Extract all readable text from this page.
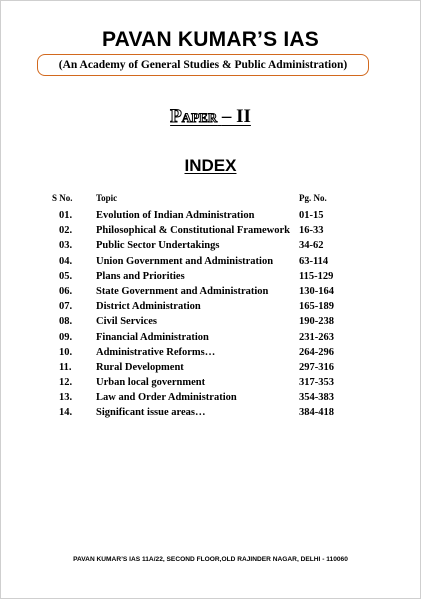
PAVAN KUMAR’S IAS
(An Academy of General Studies & Public Administration)
Paper – II
INDEX
S No.	Topic	Pg. No.
01. Evolution of Indian Administration	01-15
02. Philosophical & Constitutional Framework 16-33
03. Public Sector Undertakings	34-62
04. Union Government and Administration 63-114
05. Plans and Priorities	115-129
06. State Government and Administration	130-164
07. District Administration	165-189
08. Civil Services	190-238
09. Financial Administration	231-263
10. Administrative Reforms…	264-296
11. Rural Development	297-316
12. Urban local government	317-353
13. Law and Order Administration	354-383
14. Significant issue areas…	384-418
PAVAN KUMAR’S IAS 11A/22, SECOND FLOOR,OLD RAJINDER NAGAR, DELHI - 110060
